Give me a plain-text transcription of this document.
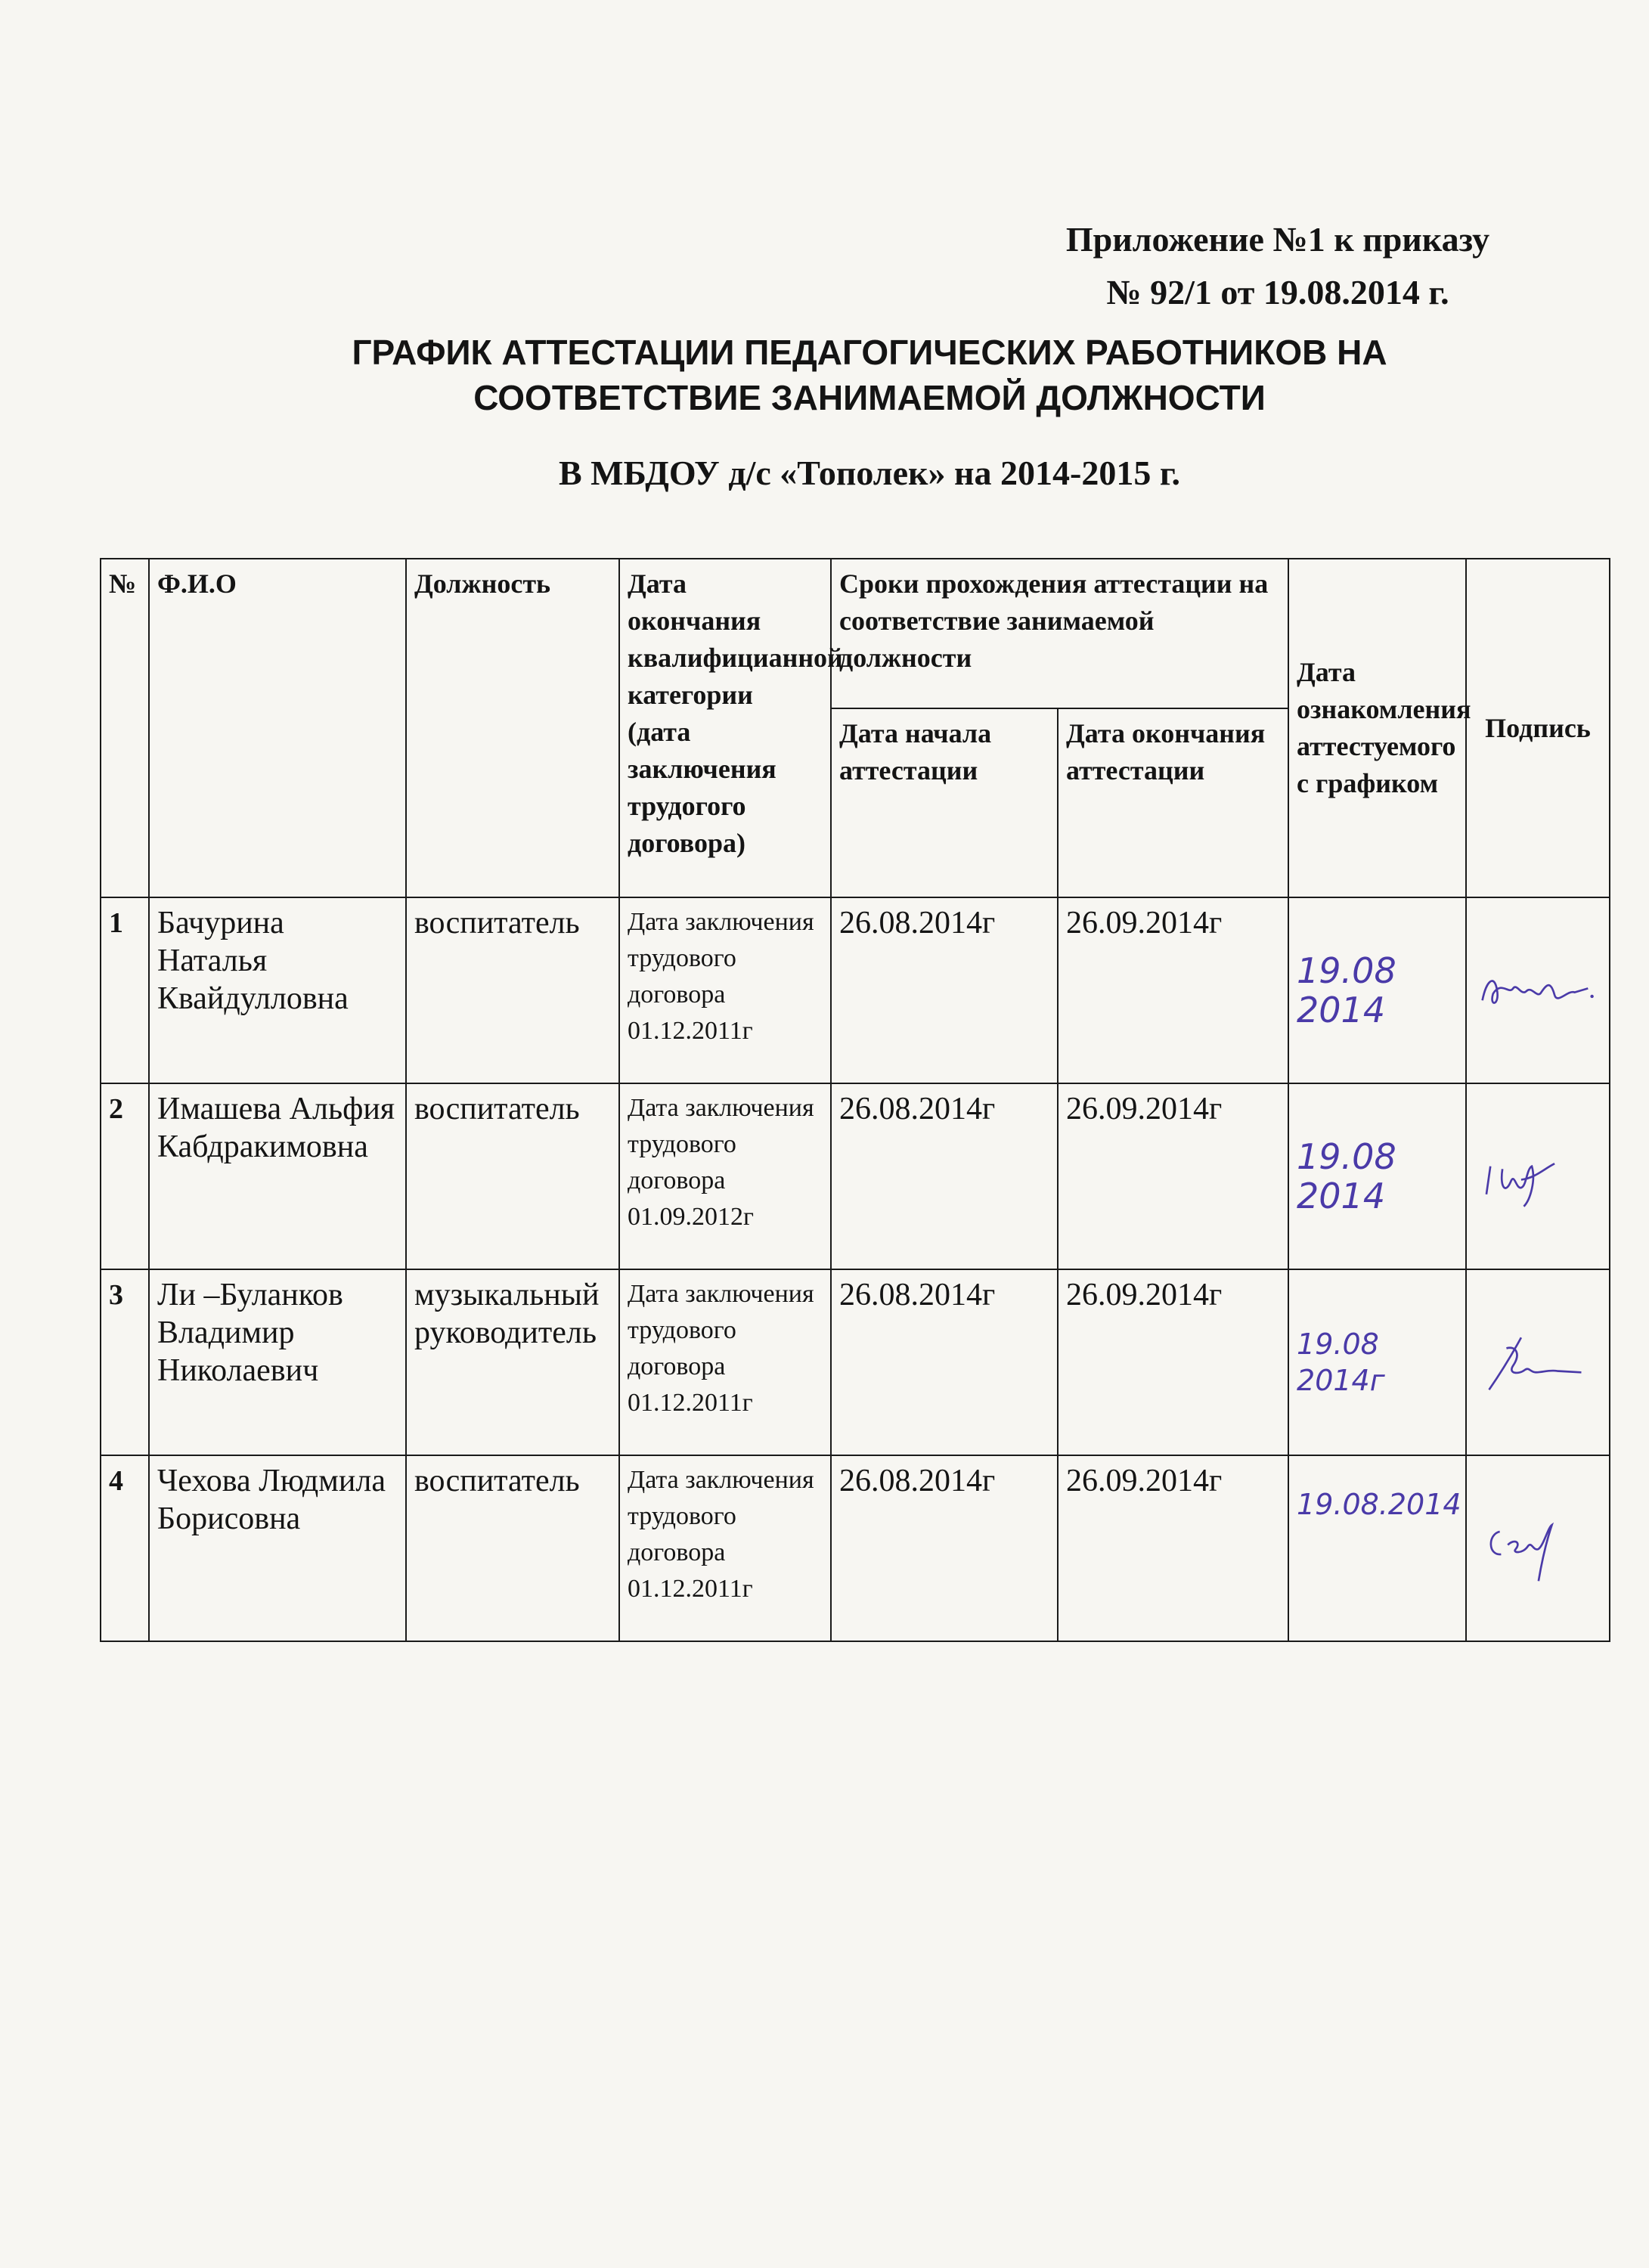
Приложение №1 к приказу
№ 92/1 от 19.08.2014 г.
ГРАФИК АТТЕСТАЦИИ ПЕДАГОГИЧЕСКИХ РАБОТНИКОВ НА СООТВЕТСТВИЕ ЗАНИМАЕМОЙ ДОЛЖНОСТИ
В МБДОУ д/с «Тополек» на 2014-2015 г.
№	Ф.И.О	Должность	Дата окончания квалифицианной категории (дата заключения трудогого договора)	Сроки прохождения аттестации на соответствие занимаемой должности		Дата ознакомления аттестуемого с графиком	Подпись
				Дата начала аттестации	Дата окончания аттестации		
1	Бачурина Наталья Квайдулловна	воспитатель	Дата заключения трудового договора 01.12.2011г	26.08.2014г	26.09.2014г	19.08 2014	

2	Имашева Альфия Кабдракимовна	воспитатель	Дата заключения трудового договора 01.09.2012г	26.08.2014г	26.09.2014г	19.08 2014	

3	Ли –Буланков Владимир Николаевич	музыкальный руководитель	Дата заключения трудового договора 01.12.2011г	26.08.2014г	26.09.2014г	19.08 2014г	

4	Чехова Людмила Борисовна	воспитатель	Дата заключения трудового договора 01.12.2011г	26.08.2014г	26.09.2014г	19.08.2014	
